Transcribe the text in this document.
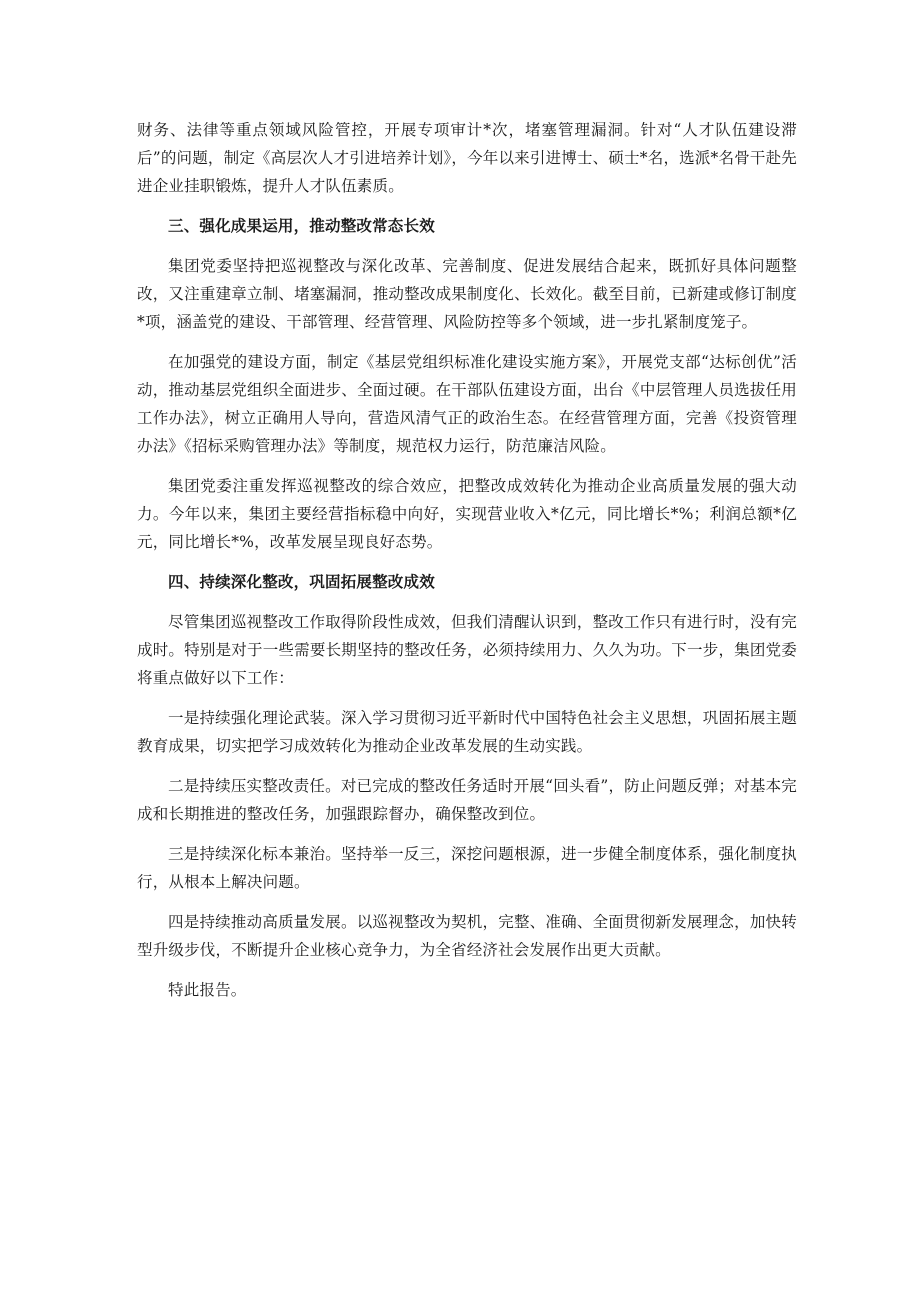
财务、法律等重点领域风险管控，开展专项审计*次，堵塞管理漏洞。针对“人才队伍建设滞后”的问题，制定《高层次人才引进培养计划》，今年以来引进博士、硕士*名，选派*名骨干赴先进企业挂职锻炼，提升人才队伍素质。

三、强化成果运用，推动整改常态长效

集团党委坚持把巡视整改与深化改革、完善制度、促进发展结合起来，既抓好具体问题整改，又注重建章立制、堵塞漏洞，推动整改成果制度化、长效化。截至目前，已新建或修订制度*项，涵盖党的建设、干部管理、经营管理、风险防控等多个领域，进一步扎紧制度笼子。

在加强党的建设方面，制定《基层党组织标准化建设实施方案》，开展党支部“达标创优”活动，推动基层党组织全面进步、全面过硬。在干部队伍建设方面，出台《中层管理人员选拔任用工作办法》，树立正确用人导向，营造风清气正的政治生态。在经营管理方面，完善《投资管理办法》《招标采购管理办法》等制度，规范权力运行，防范廉洁风险。

集团党委注重发挥巡视整改的综合效应，把整改成效转化为推动企业高质量发展的强大动力。今年以来，集团主要经营指标稳中向好，实现营业收入*亿元，同比增长*%；利润总额*亿元，同比增长*%，改革发展呈现良好态势。

四、持续深化整改，巩固拓展整改成效

尽管集团巡视整改工作取得阶段性成效，但我们清醒认识到，整改工作只有进行时，没有完成时。特别是对于一些需要长期坚持的整改任务，必须持续用力、久久为功。下一步，集团党委将重点做好以下工作：

一是持续强化理论武装。深入学习贯彻习近平新时代中国特色社会主义思想，巩固拓展主题教育成果，切实把学习成效转化为推动企业改革发展的生动实践。

二是持续压实整改责任。对已完成的整改任务适时开展“回头看”，防止问题反弹；对基本完成和长期推进的整改任务，加强跟踪督办，确保整改到位。

三是持续深化标本兼治。坚持举一反三，深挖问题根源，进一步健全制度体系，强化制度执行，从根本上解决问题。

四是持续推动高质量发展。以巡视整改为契机，完整、准确、全面贯彻新发展理念，加快转型升级步伐，不断提升企业核心竞争力，为全省经济社会发展作出更大贡献。

特此报告。
